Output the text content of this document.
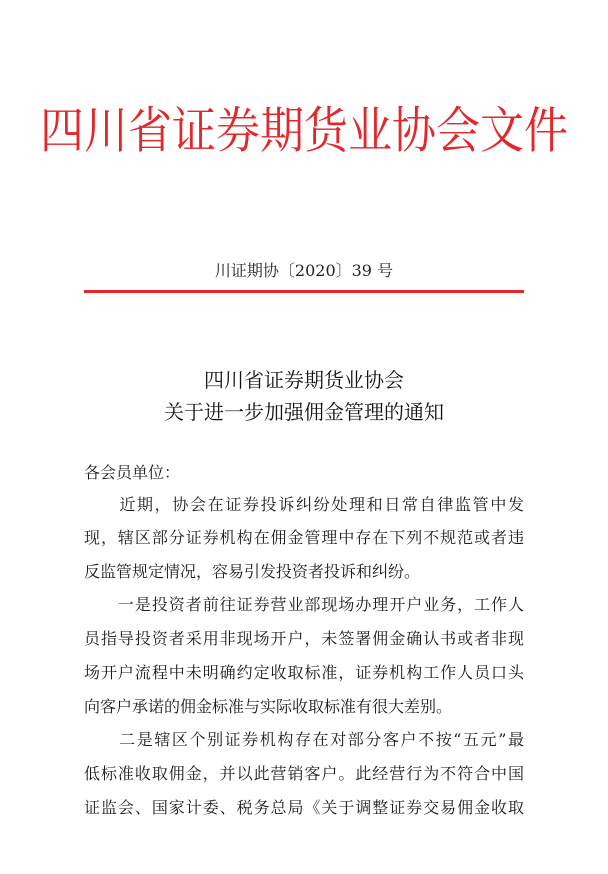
四川省证券期货业协会文件
川证期协〔2020〕39 号
四川省证券期货业协会
关于进一步加强佣金管理的通知
各会员单位：
　　近期，协会在证券投诉纠纷处理和日常自律监管中发
现，辖区部分证券机构在佣金管理中存在下列不规范或者违
反监管规定情况，容易引发投资者投诉和纠纷。
　　一是投资者前往证券营业部现场办理开户业务，工作人
员指导投资者采用非现场开户，未签署佣金确认书或者非现
场开户流程中未明确约定收取标准，证券机构工作人员口头
向客户承诺的佣金标准与实际收取标准有很大差别。
　　二是辖区个别证券机构存在对部分客户不按“五元”最
低标准收取佣金，并以此营销客户。此经营行为不符合中国
证监会、国家计委、税务总局《关于调整证券交易佣金收取
